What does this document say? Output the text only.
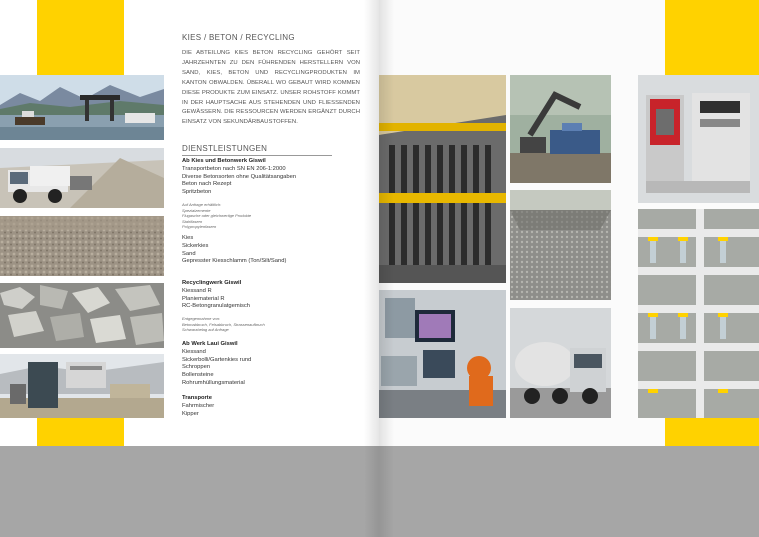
KIES / BETON / RECYCLING
DIE ABTEILUNG KIES BETON RECYCLING GEHÖRT SEIT JAHRZEHNTEN ZU DEN FÜHRENDEN HERSTELLERN VON SAND, KIES, BETON UND RECYCLINGPRODUKTEN IM KANTON OBWALDEN. ÜBERALL WO GEBAUT WIRD KOMMEN DIESE PRODUKTE ZUM EINSATZ. UNSER ROHSTOFF KOMMT IN DER HAUPTSACHE AUS STEHENDEN UND FLIESSENDEN GEWÄSSERN. DIE RESSOURCEN WERDEN ERGÄNZT DURCH EINSATZ VON SEKUNDÄRBAUSTOFFEN.
DIENSTLEISTUNGEN
Ab Kies und Betonwerk Giswil
Transportbeton nach SN EN 206-1:2000
Diverse Betonsorten ohne Qualitätsangaben
Beton nach Rezept
Spritzbeton
Auf Anfrage erhältlich:
Spezialzemente
Flugasche oder gleichwertige Produkte
Stahlfasern
Polypropylenfasern
Kies
Sickerkies
Sand
Gepresster Kiesschlamm (Ton/Silt/Sand)
Recyclingwerk Giswil
Kiessand R
Planiematerial R
RC-Betongranulatgemisch
Entgegennahme von:
Betonabbruch, Felsabbruch, Strassenaufbruch
Schwarzbelag auf Anfrage
Ab Werk Laui Giswil
Kiessand
Sickerbolli/Gartenkies rund
Schroppen
Bollensteine
Rohrumhüllungsmaterial
Transporte
Fahrmischer
Kipper
